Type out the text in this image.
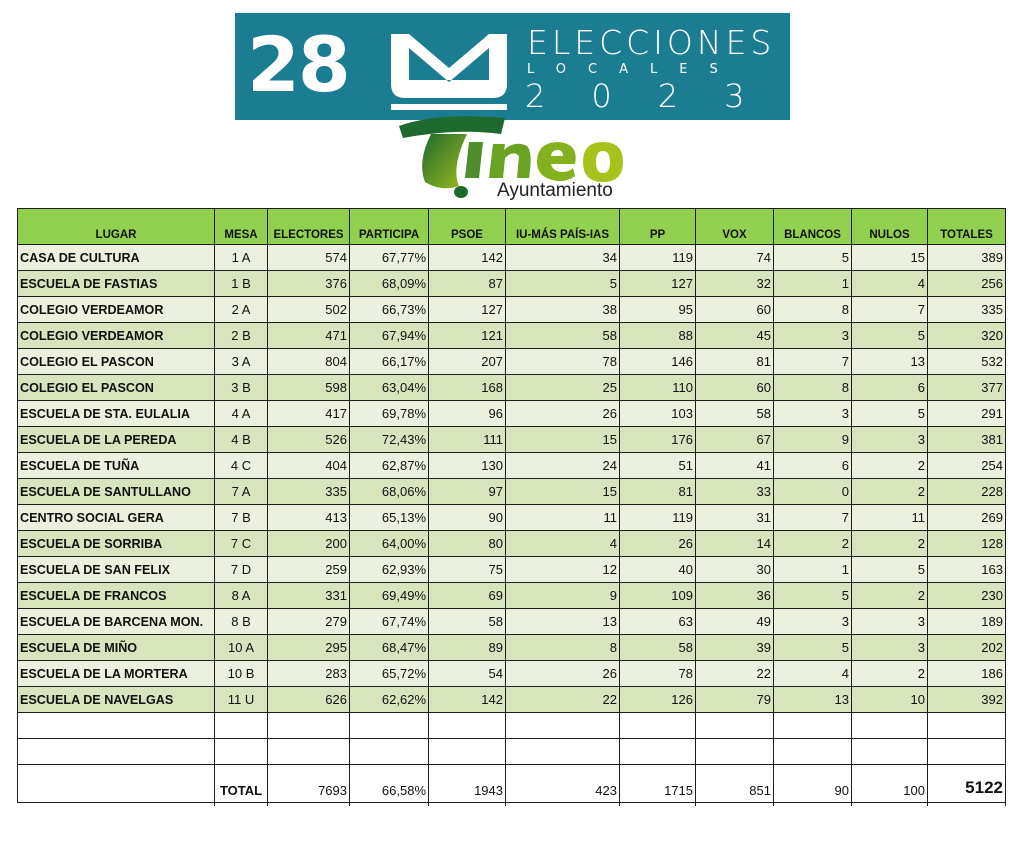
28	ELECCIONES
LOCALES
2023
Ayuntamiento
LUGAR	MESA	ELECTORES	PARTICIPA	PSOE	IU-MÁS PAÍS-IAS	PP	VOX	BLANCOS	NULOS	TOTALES
CASA DE CULTURA	1 A	574	67,77%	142	34	119	74	5	15	389
ESCUELA DE FASTIAS	1 B	376	68,09%	87	5	127	32	1	4	256
COLEGIO VERDEAMOR	2 A	502	66,73%	127	38	95	60	8	7	335
COLEGIO VERDEAMOR	2 B	471	67,94%	121	58	88	45	3	5	320
COLEGIO EL PASCON	3 A	804	66,17%	207	78	146	81	7	13	532
COLEGIO EL PASCON	3 B	598	63,04%	168	25	110	60	8	6	377
ESCUELA DE STA. EULALIA	4 A	417	69,78%	96	26	103	58	3	5	291
ESCUELA DE LA PEREDA	4 B	526	72,43%	111	15	176	67	9	3	381
ESCUELA DE TUÑA	4 C	404	62,87%	130	24	51	41	6	2	254
ESCUELA DE SANTULLANO	7 A	335	68,06%	97	15	81	33	0	2	228
CENTRO SOCIAL GERA	7 B	413	65,13%	90	11	119	31	7	11	269
ESCUELA DE SORRIBA	7 C	200	64,00%	80	4	26	14	2	2	128
ESCUELA DE SAN FELIX	7 D	259	62,93%	75	12	40	30	1	5	163
ESCUELA DE FRANCOS	8 A	331	69,49%	69	9	109	36	5	2	230
ESCUELA DE BARCENA MON.	8 B	279	67,74%	58	13	63	49	3	3	189
ESCUELA DE MIÑO	10 A	295	68,47%	89	8	58	39	5	3	202
ESCUELA DE LA MORTERA	10 B	283	65,72%	54	26	78	22	4	2	186
ESCUELA DE NAVELGAS	11 U	626	62,62%	142	22	126	79	13	10	392

	TOTAL	7693	66,58%	1943	423	1715	851	90	100	5122
